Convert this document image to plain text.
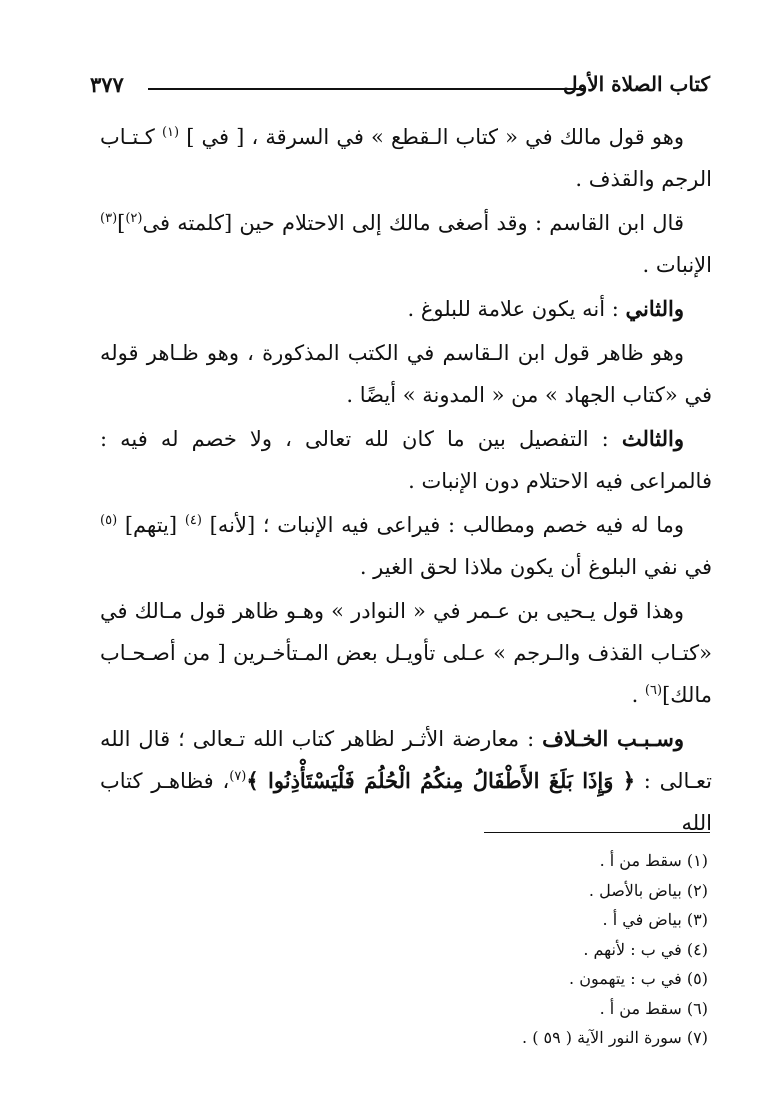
كتاب الصلاة الأول
٣٧٧

وهو قول مالك في « كتاب الـقطع » في السرقة ، [ في ] $^{(١)}$ كـتـاب الرجم والقذف .

قال ابن القاسم : وقد أصغى مالك إلى الاحتلام حين [كلمته فى$^{(٢)}$]$^{(٣)}$ الإنبات .

والثاني : أنه يكون علامة للبلوغ .

وهو ظاهر قول ابن الـقاسم في الكتب المذكورة ، وهو ظـاهر قوله في «كتاب الجهاد » من « المدونة » أيضًا .

والثالث : التفصيل بين ما كان لله تعالى ، ولا خصم له فيه : فالمراعى فيه الاحتلام دون الإنبات .

وما له فيه خصم ومطالب : فيراعى فيه الإنبات ؛ [لأنه] $^{(٤)}$ [يتهم] $^{(٥)}$ في نفي البلوغ أن يكون ملاذا لحق الغير .

وهذا قول يـحيى بن عـمر في « النوادر » وهـو ظاهر قول مـالك في «كتـاب القذف والـرجم » عـلى تأويـل بعض المـتأخـرين [ من أصـحـاب مالك]$^{(٦)}$ .

وسـبـب الخـلاف : معارضة الأثـر لظاهر كتاب الله تـعالى ؛ قال الله تعـالى : ﴿ وَإِذَا بَلَغَ الأَطْفَالُ مِنكُمُ الْحُلُمَ فَلْيَسْتَأْذِنُوا ﴾$^{(٧)}$، فظاهـر كتاب الله

(١) سقط من أ .
(٢) بياض بالأصل .
(٣) بياض في أ .
(٤) في ب : لأنهم .
(٥) في ب : يتهمون .
(٦) سقط من أ .
(٧) سورة النور الآية ( ٥٩ ) .
